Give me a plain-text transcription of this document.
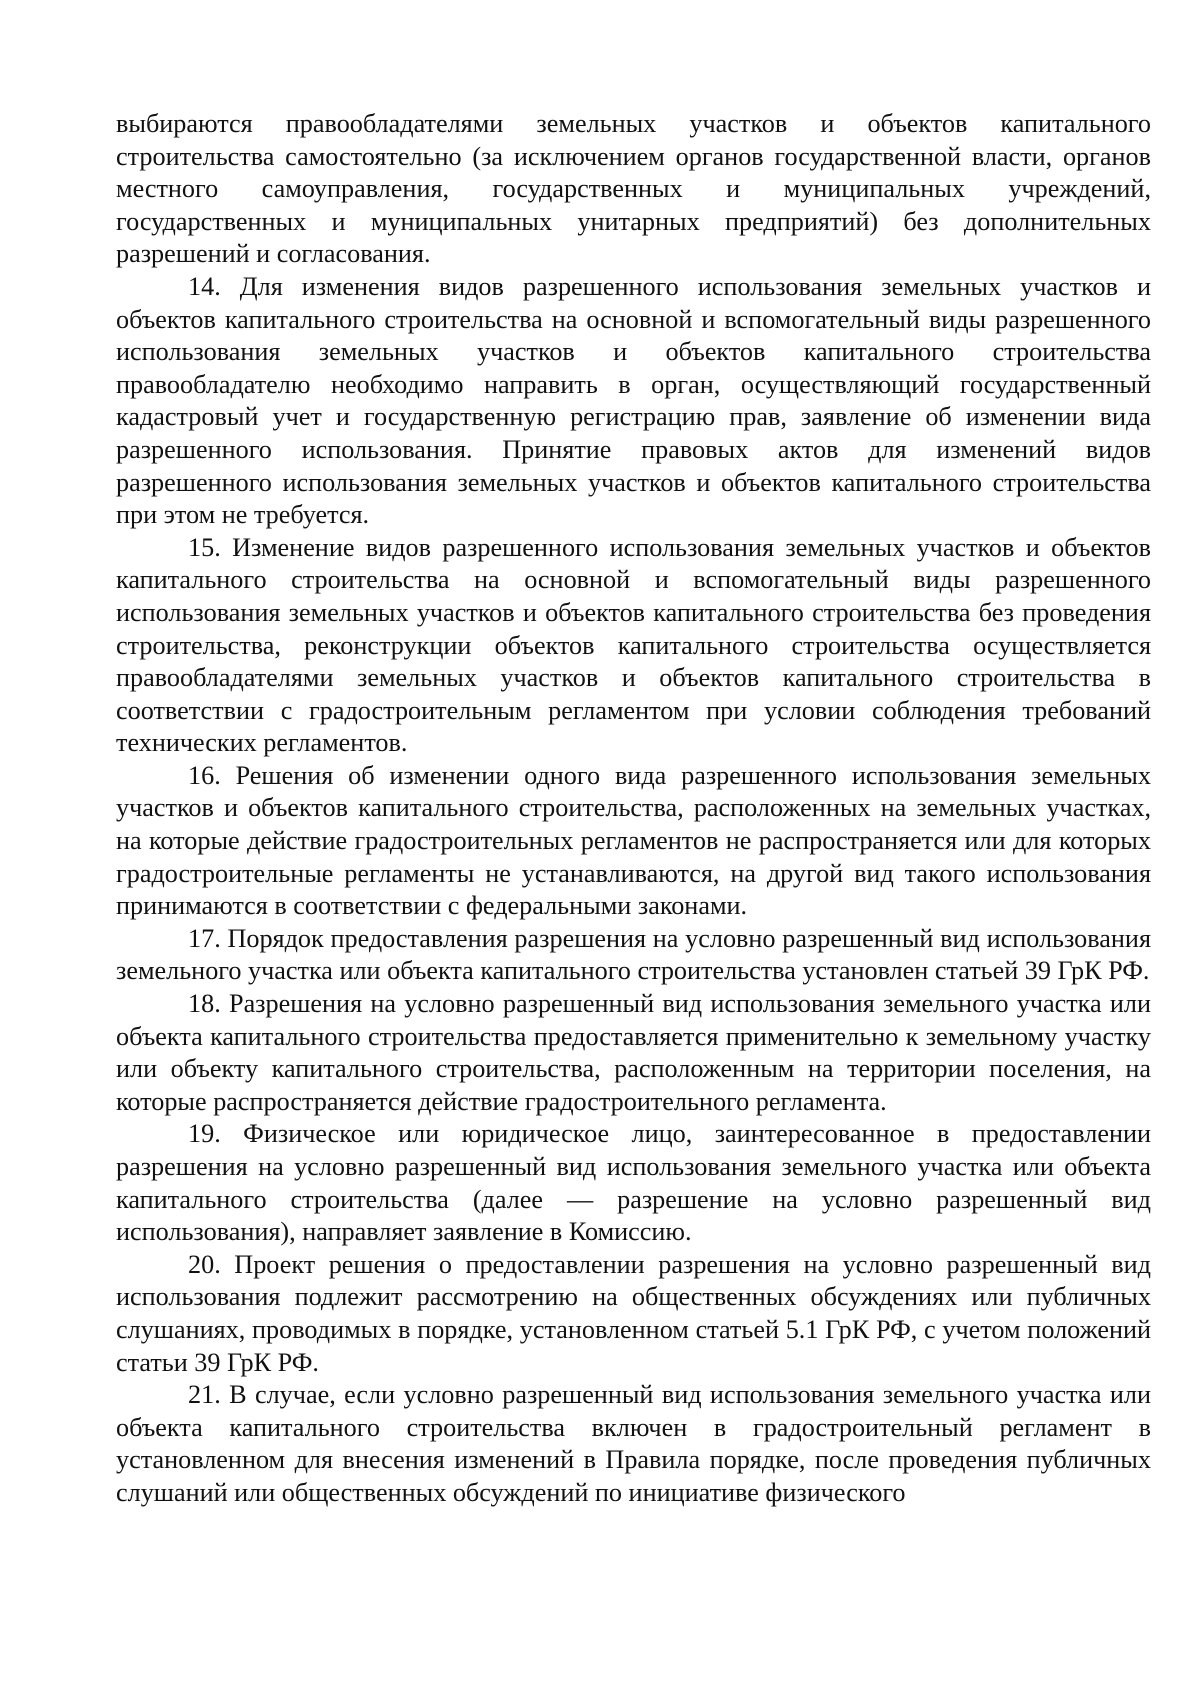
выбираются правообладателями земельных участков и объектов капитального строительства самостоятельно (за исключением органов государственной власти, органов местного самоуправления, государственных и муниципальных учреждений, государственных и муниципальных унитарных предприятий) без дополнительных разрешений и согласования.

14. Для изменения видов разрешенного использования земельных участков и объектов капитального строительства на основной и вспомогательный виды разрешенного использования земельных участков и объектов капитального строительства правообладателю необходимо направить в орган, осуществляющий государственный кадастровый учет и государственную регистрацию прав, заявление об изменении вида разрешенного использования. Принятие правовых актов для изменений видов разрешенного использования земельных участков и объектов капитального строительства при этом не требуется.

15. Изменение видов разрешенного использования земельных участков и объектов капитального строительства на основной и вспомогательный виды разрешенного использования земельных участков и объектов капитального строительства без проведения строительства, реконструкции объектов капитального строительства осуществляется правообладателями земельных участков и объектов капитального строительства в соответствии с градостроительным регламентом при условии соблюдения требований технических регламентов.

16. Решения об изменении одного вида разрешенного использования земельных участков и объектов капитального строительства, расположенных на земельных участках, на которые действие градостроительных регламентов не распространяется или для которых градостроительные регламенты не устанавливаются, на другой вид такого использования принимаются в соответствии с федеральными законами.

17. Порядок предоставления разрешения на условно разрешенный вид использования земельного участка или объекта капитального строительства установлен статьей 39 ГрК РФ.

18. Разрешения на условно разрешенный вид использования земельного участка или объекта капитального строительства предоставляется применительно к земельному участку или объекту капитального строительства, расположенным на территории поселения, на которые распространяется действие градостроительного регламента.

19. Физическое или юридическое лицо, заинтересованное в предоставлении разрешения на условно разрешенный вид использования земельного участка или объекта капитального строительства (далее — разрешение на условно разрешенный вид использования), направляет заявление в Комиссию.

20. Проект решения о предоставлении разрешения на условно разрешенный вид использования подлежит рассмотрению на общественных обсуждениях или публичных слушаниях, проводимых в порядке, установленном статьей 5.1 ГрК РФ, с учетом положений статьи 39 ГрК РФ.

21. В случае, если условно разрешенный вид использования земельного участка или объекта капитального строительства включен в градостроительный регламент в установленном для внесения изменений в Правила порядке, после проведения публичных слушаний или общественных обсуждений по инициативе физического
